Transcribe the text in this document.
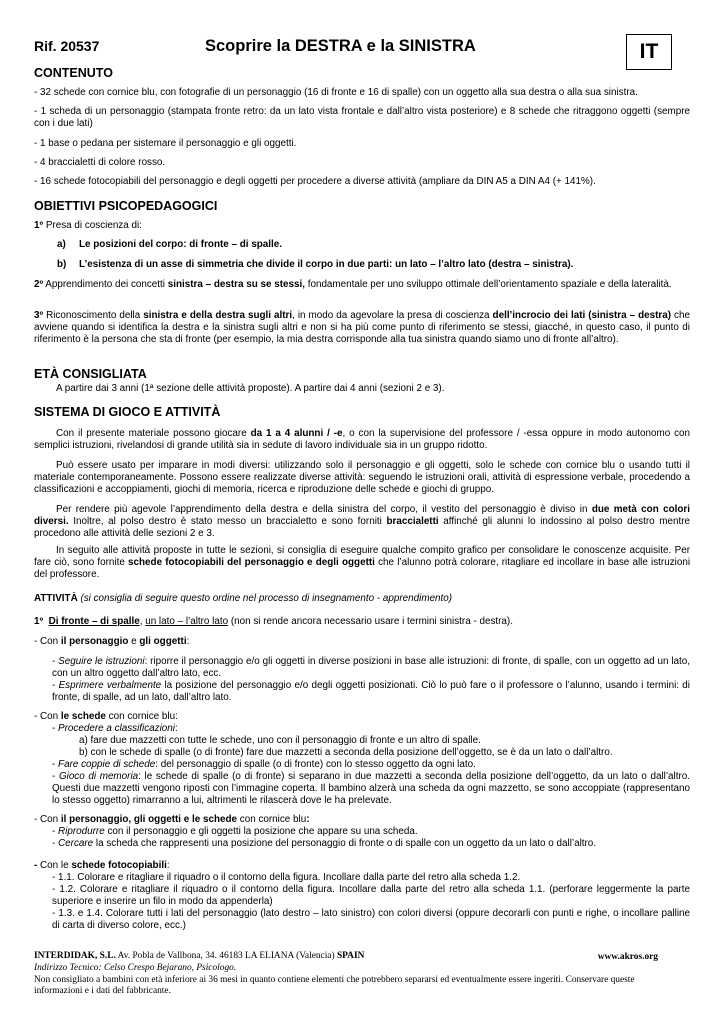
Rif. 20537	Scoprire la DESTRA e la SINISTRA	IT
CONTENUTO
- 32 schede con cornice blu, con fotografie di un personaggio (16 di fronte e 16 di spalle) con un oggetto alla sua destra o alla sua sinistra.
- 1 scheda di un personaggio (stampata fronte retro: da un lato vista frontale e dall’altro vista posteriore) e 8 schede che ritraggono oggetti (sempre con i due lati)
- 1 base o pedana per sistemare il personaggio e gli oggetti.
- 4 braccialetti di colore rosso.
- 16 schede fotocopiabili del personaggio e degli oggetti per procedere a diverse attività (ampliare da DIN A5 a DIN A4 (+ 141%).
OBIETTIVI PSICOPEDAGOGICI
1º Presa di coscienza di:
a) Le posizioni del corpo: di fronte – di spalle.
b) L’esistenza di un asse di simmetria che divide il corpo in due parti: un lato – l’altro lato (destra – sinistra).
2º Apprendimento dei concetti sinistra – destra su se stessi, fondamentale per uno sviluppo ottimale dell’orientamento spaziale e della lateralità.
3º Riconoscimento della sinistra e della destra sugli altri, in modo da agevolare la presa di coscienza dell’incrocio dei lati (sinistra – destra) che avviene quando si identifica la destra e la sinistra sugli altri e non si ha più come punto di riferimento se stessi, giacché, in questo caso, il punto di riferimento è la persona che sta di fronte (per esempio, la mia destra corrisponde alla tua sinistra quando siamo uno di fronte all’altro).
ETÀ CONSIGLIATA
A partire dai 3 anni (1ª sezione delle attività proposte). A partire dai 4 anni (sezioni 2 e 3).
SISTEMA DI GIOCO E ATTIVITÀ
Con il presente materiale possono giocare da 1 a 4 alunni / -e, o con la supervisione del professore / -essa oppure in modo autonomo con semplici istruzioni, rivelandosi di grande utilità sia in sedute di lavoro individuale sia in un gruppo ridotto.
Può essere usato per imparare in modi diversi: utilizzando solo il personaggio e gli oggetti, solo le schede con cornice blu o usando tutti il materiale contemporaneamente. Possono essere realizzate diverse attività: seguendo le istruzioni orali, attività di espressione verbale, procedendo a classificazioni e accoppiamenti, giochi di memoria, ricerca e riproduzione delle schede e giochi di gruppo.
Per rendere più agevole l’apprendimento della destra e della sinistra del corpo, il vestito del personaggio è diviso in due metà con colori diversi. Inoltre, al polso destro è stato messo un braccialetto e sono forniti braccialetti affinché gli alunni lo indossino al polso destro mentre procedono alle attività delle sezioni 2 e 3.
In seguito alle attività proposte in tutte le sezioni, si consiglia di eseguire qualche compito grafico per consolidare le conoscenze acquisite. Per fare ciò, sono fornite schede fotocopiabili del personaggio e degli oggetti che l’alunno potrà colorare, ritagliare ed incollare in base alle istruzioni del professore.
ATTIVITÀ (si consiglia di seguire questo ordine nel processo di insegnamento - apprendimento)
1º Di fronte – di spalle, un lato – l’altro lato (non si rende ancora necessario usare i termini sinistra - destra).
- Con il personaggio e gli oggetti:
- Seguire le istruzioni: riporre il personaggio e/o gli oggetti in diverse posizioni in base alle istruzioni: di fronte, di spalle, con un oggetto ad un lato, con un altro oggetto dall’altro lato, ecc.
- Esprimere verbalmente la posizione del personaggio e/o degli oggetti posizionati. Ciò lo può fare o il professore o l’alunno, usando i termini: di fronte, di spalle, ad un lato, dall’altro lato.
- Con le schede con cornice blu:
- Procedere a classificazioni:
a) fare due mazzetti con tutte le schede, uno con il personaggio di fronte e un altro di spalle.
b) con le schede di spalle (o di fronte) fare due mazzetti a seconda della posizione dell’oggetto, se è da un lato o dall’altro.
- Fare coppie di schede: del personaggio di spalle (o di fronte) con lo stesso oggetto da ogni lato.
- Gioco di memoria: le schede di spalle (o di fronte) si separano in due mazzetti a seconda della posizione dell’oggetto, da un lato o dall’altro. Questi due mazzetti vengono riposti con l’immagine coperta. Il bambino alzerà una scheda da ogni mazzetto, se sono accoppiate (rappresentano lo stesso oggetto) rimarranno a lui, altrimenti le rilascerà dove le ha prelevate.
- Con il personaggio, gli oggetti e le schede con cornice blu:
- Riprodurre con il personaggio e gli oggetti la posizione che appare su una scheda.
- Cercare la scheda che rappresenti una posizione del personaggio di fronte o di spalle con un oggetto da un lato o dall’altro.
- Con le schede fotocopiabili:
- 1.1. Colorare e ritagliare il riquadro o il contorno della figura. Incollare dalla parte del retro alla scheda 1.2.
- 1.2. Colorare e ritagliare il riquadro o il contorno della figura. Incollare dalla parte del retro alla scheda 1.1. (perforare leggermente la parte superiore e inserire un filo in modo da appenderla)
- 1.3. e 1.4. Colorare tutti i lati del personaggio (lato destro – lato sinistro) con colori diversi (oppure decorarli con punti e righe, o incollare palline di carta di diverso colore, ecc.)
INTERDIDAK, S.L. Av. Pobla de Vallbona, 34. 46183 LA ELIANA (Valencia) SPAIN	www.akros.org
Indirizzo Tecnico: Celso Crespo Bejarano, Psicologo.
Non consigliato a bambini con età inferiore ai 36 mesi in quanto contiene elementi che potrebbero separarsi ed eventualmente essere ingeriti. Conservare queste
informazioni e i dati del fabbricante.
